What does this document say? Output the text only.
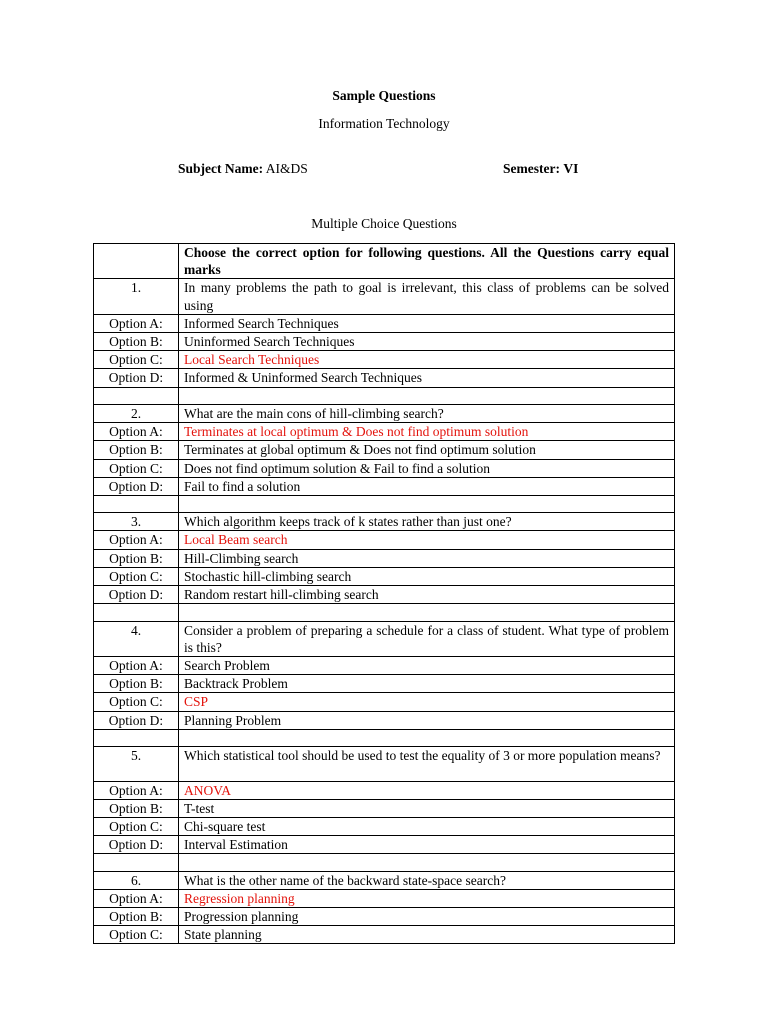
Sample Questions
Information Technology
Subject Name: AI&DS	Semester: VI
Multiple Choice Questions
	Choose the correct option for following questions. All the Questions carry equal marks
1.	In many problems the path to goal is irrelevant, this class of problems can be solved using
Option A:	Informed Search Techniques
Option B:	Uninformed Search Techniques
Option C:	Local Search Techniques
Option D:	Informed & Uninformed Search Techniques

2.	What are the main cons of hill-climbing search?
Option A:	Terminates at local optimum & Does not find optimum solution
Option B:	Terminates at global optimum & Does not find optimum solution
Option C:	Does not find optimum solution & Fail to find a solution
Option D:	Fail to find a solution

3.	Which algorithm keeps track of k states rather than just one?
Option A:	Local Beam search
Option B:	Hill-Climbing search
Option C:	Stochastic hill-climbing search
Option D:	Random restart hill-climbing search

4.	Consider a problem of preparing a schedule for a class of student. What type of problem is this?
Option A:	Search Problem
Option B:	Backtrack Problem
Option C:	CSP
Option D:	Planning Problem

5.	Which statistical tool should be used to test the equality of 3 or more population means?
Option A:	ANOVA
Option B:	T-test
Option C:	Chi-square test
Option D:	Interval Estimation

6.	What is the other name of the backward state-space search?
Option A:	Regression planning
Option B:	Progression planning
Option C:	State planning
